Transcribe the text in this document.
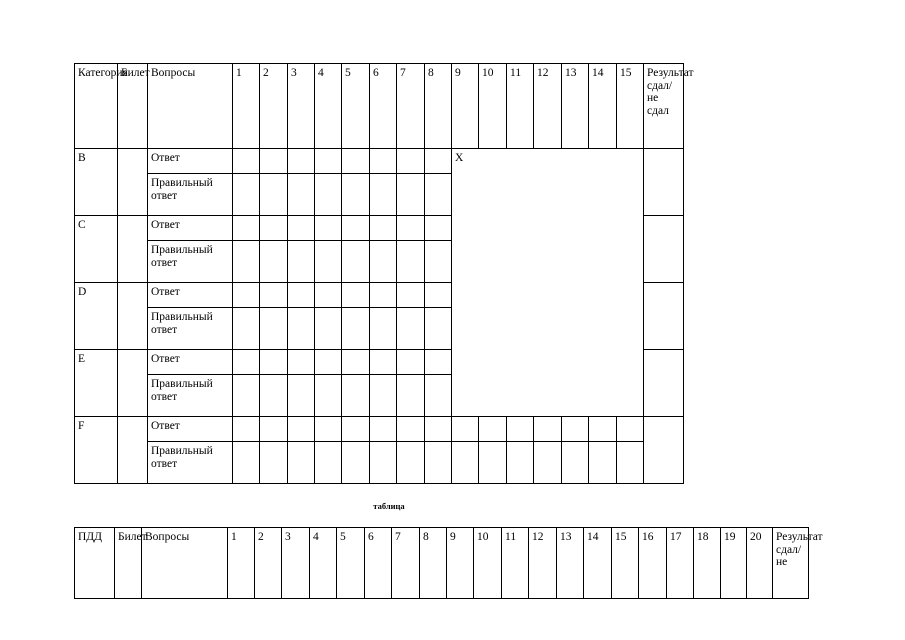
Категория	Билет	Вопросы	1	2	3	4	5	6	7	8	9	10	11	12	13	14	15	Результат сдал/ не сдал
B		Ответ									X							
		Правильный ответ																
C		Ответ																
		Правильный ответ																
D		Ответ																
		Правильный ответ																
E		Ответ																
		Правильный ответ																
F		Ответ																
		Правильный ответ																
таблица
ПДД	Билет	Вопросы	1	2	3	4	5	6	7	8	9	10	11	12	13	14	15	16	17	18	19	20	Результат сдал/ не
